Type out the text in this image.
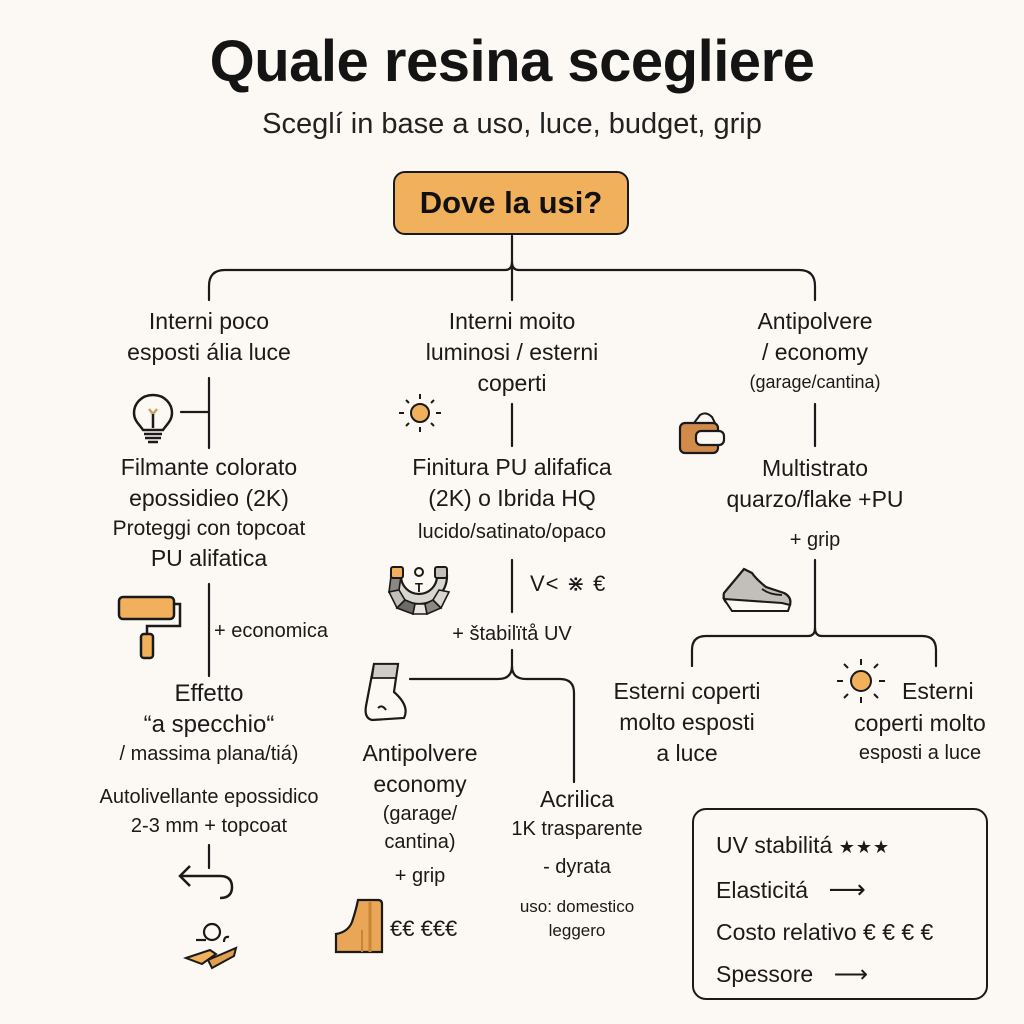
Quale resina scegliere
Sceglí in base a uso, luce, budget, grip
Dove la usi?
Interni poco
esposti ália luce
Filmante colorato
epossidieo (2K)
Proteggi con topcoat
PU alifatica
+ economica
Effetto
“a specchio“
/ massima plana/tiá)
Autolivellante epossidico
2-3 mm + topcoat
Interni moito
luminosi / esterni
coperti
Finitura PU alifafica
(2K) o Ibrida HQ
lucido/satinato/opaco
T	V< ⋇ €
+ štabilïtå UV
Antipolvere
economy
(garage/
cantina)
+ grip
€€ €€€
Acrilica
1K trasparente
- dyrata
uso: domestico
leggero
Antipolvere
/ economy
(garage/cantina)
Multistrato
quarzo/flake +PU
+ grip
Esterni coperti
molto esposti
a luce
Esterni
coperti molto
esposti a luce
UV stabilitá ★★★
Elasticitá ⟶
Costo relativo € € € €
Spessore ⟶
